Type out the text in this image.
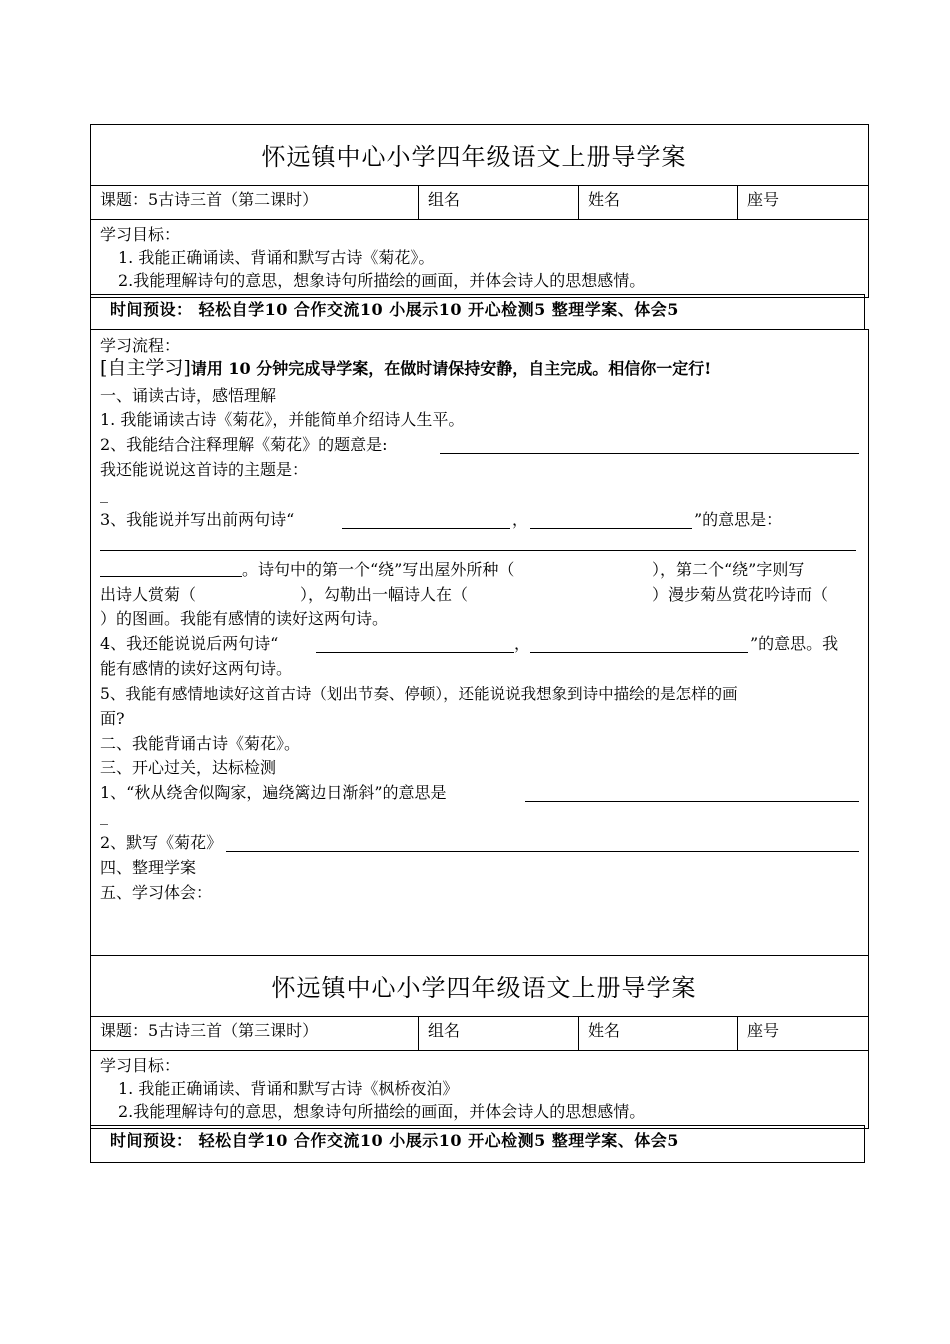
怀远镇中心小学四年级语文上册导学案
课题：5古诗三首（第二课时）	组名	姓名	座号
学习目标：
1. 我能正确诵读、背诵和默写古诗《菊花》。
2.我能理解诗句的意思，想象诗句所描绘的画面，并体会诗人的思想感情。
时间预设： 轻松自学10 合作交流10 小展示10 开心检测5 整理学案、体会5
学习流程：
[自主学习]请用 10 分钟完成导学案，在做时请保持安静，自主完成。相信你一定行!
一、诵读古诗，感悟理解
1. 我能诵读古诗《菊花》，并能简单介绍诗人生平。
2、我能结合注释理解《菊花》的题意是:
我还能说说这首诗的主题是：
_
3、我能说并写出前两句诗“	，	”的意思是：
。诗句中的第一个“绕”写出屋外所种（	），第二个“绕”字则写
出诗人赏菊（	），勾勒出一幅诗人在（	）漫步菊丛赏花吟诗而（
）的图画。我能有感情的读好这两句诗。
4、我还能说说后两句诗“	，	”的意思。我
能有感情的读好这两句诗。
5、我能有感情地读好这首古诗（划出节奏、停顿），还能说说我想象到诗中描绘的是怎样的画
面?
二、我能背诵古诗《菊花》。
三、开心过关，达标检测
1、“秋从绕舍似陶家，遍绕篱边日渐斜”的意思是
_
2、默写《菊花》
四、整理学案
五、学习体会：
怀远镇中心小学四年级语文上册导学案
课题：5古诗三首（第三课时）	组名	姓名	座号
学习目标：
1. 我能正确诵读、背诵和默写古诗《枫桥夜泊》
2.我能理解诗句的意思，想象诗句所描绘的画面，并体会诗人的思想感情。
时间预设： 轻松自学10 合作交流10 小展示10 开心检测5 整理学案、体会5
